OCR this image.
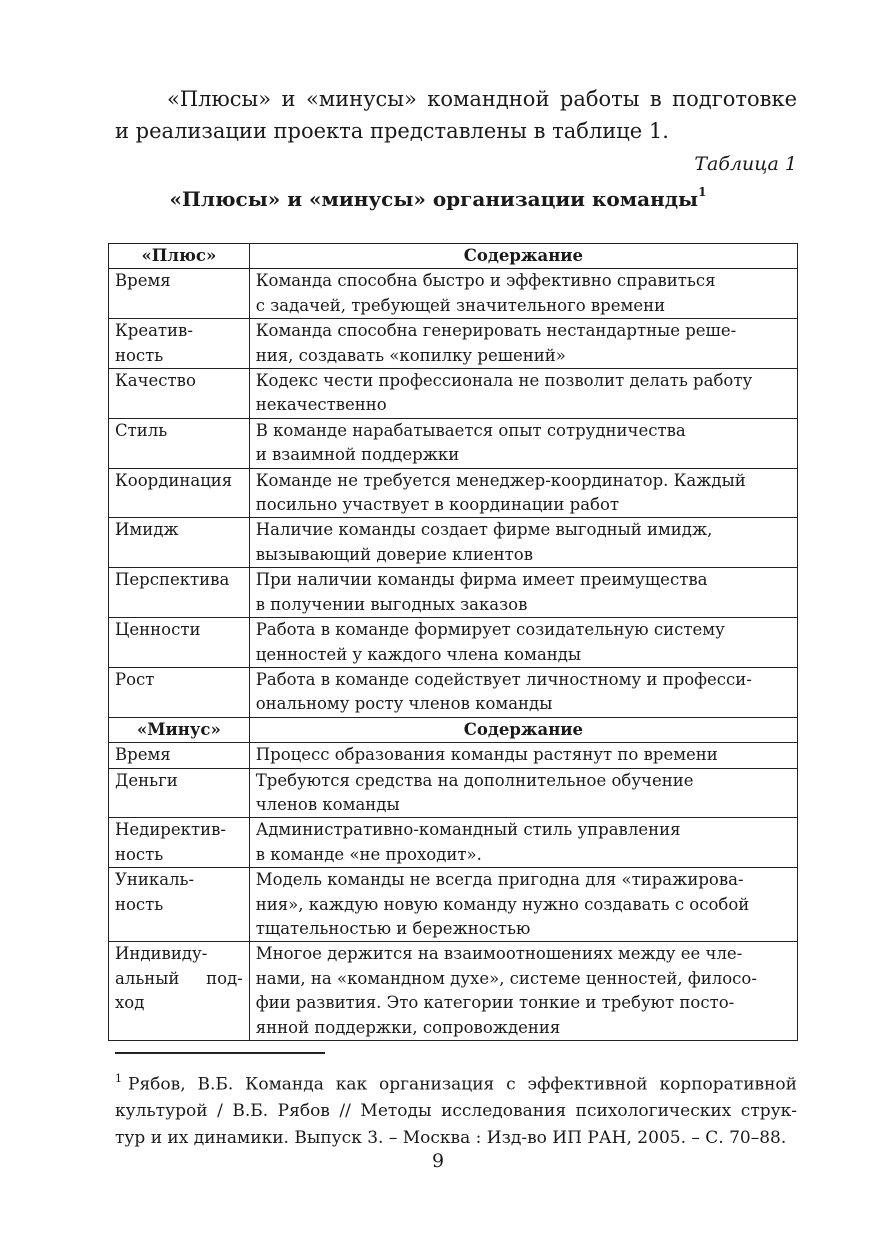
«Плюсы» и «минусы» командной работы в подготовке
и реализации проекта представлены в таблице 1.

Таблица 1

«Плюсы» и «минусы» организации команды$^1$

«Плюс»	Содержание

Время	Команда способна быстро и эффективно справиться
с задачей, требующей значительного времени

Креатив-
ность	Команда способна генерировать нестандартные реше-
ния, создавать «копилку решений»

Качество	Кодекс чести профессионала не позволит делать работу
некачественно

Стиль	В команде нарабатывается опыт сотрудничества
и взаимной поддержки

Координация	Команде не требуется менеджер-координатор. Каждый
посильно участвует в координации работ

Имидж	Наличие команды создает фирме выгодный имидж,
вызывающий доверие клиентов

Перспектива	При наличии команды фирма имеет преимущества
в получении выгодных заказов

Ценности	Работа в команде формирует созидательную систему
ценностей у каждого члена команды

Рост	Работа в команде содействует личностному и професси-
ональному росту членов команды

«Минус»	Содержание

Время	Процесс образования команды растянут по времени

Деньги	Требуются средства на дополнительное обучение
членов команды

Недиректив-
ность	Административно-командный стиль управления
в команде «не проходит».

Уникаль-
ность	Модель команды не всегда пригодна для «тиражирова-
ния», каждую новую команду нужно создавать с особой
тщательностью и бережностью

Индивиду-
альный под-
ход	Многое держится на взаимоотношениях между ее чле-
нами, на «командном духе», системе ценностей, филосо-
фии развития. Это категории тонкие и требуют посто-
янной поддержки, сопровождения

$^1$ Рябов, В.Б. Команда как организация с эффективной корпоративной
культурой / В.Б. Рябов // Методы исследования психологических струк-
тур и их динамики. Выпуск 3. – Москва : Изд-во ИП РАН, 2005. – С. 70–88.

9
